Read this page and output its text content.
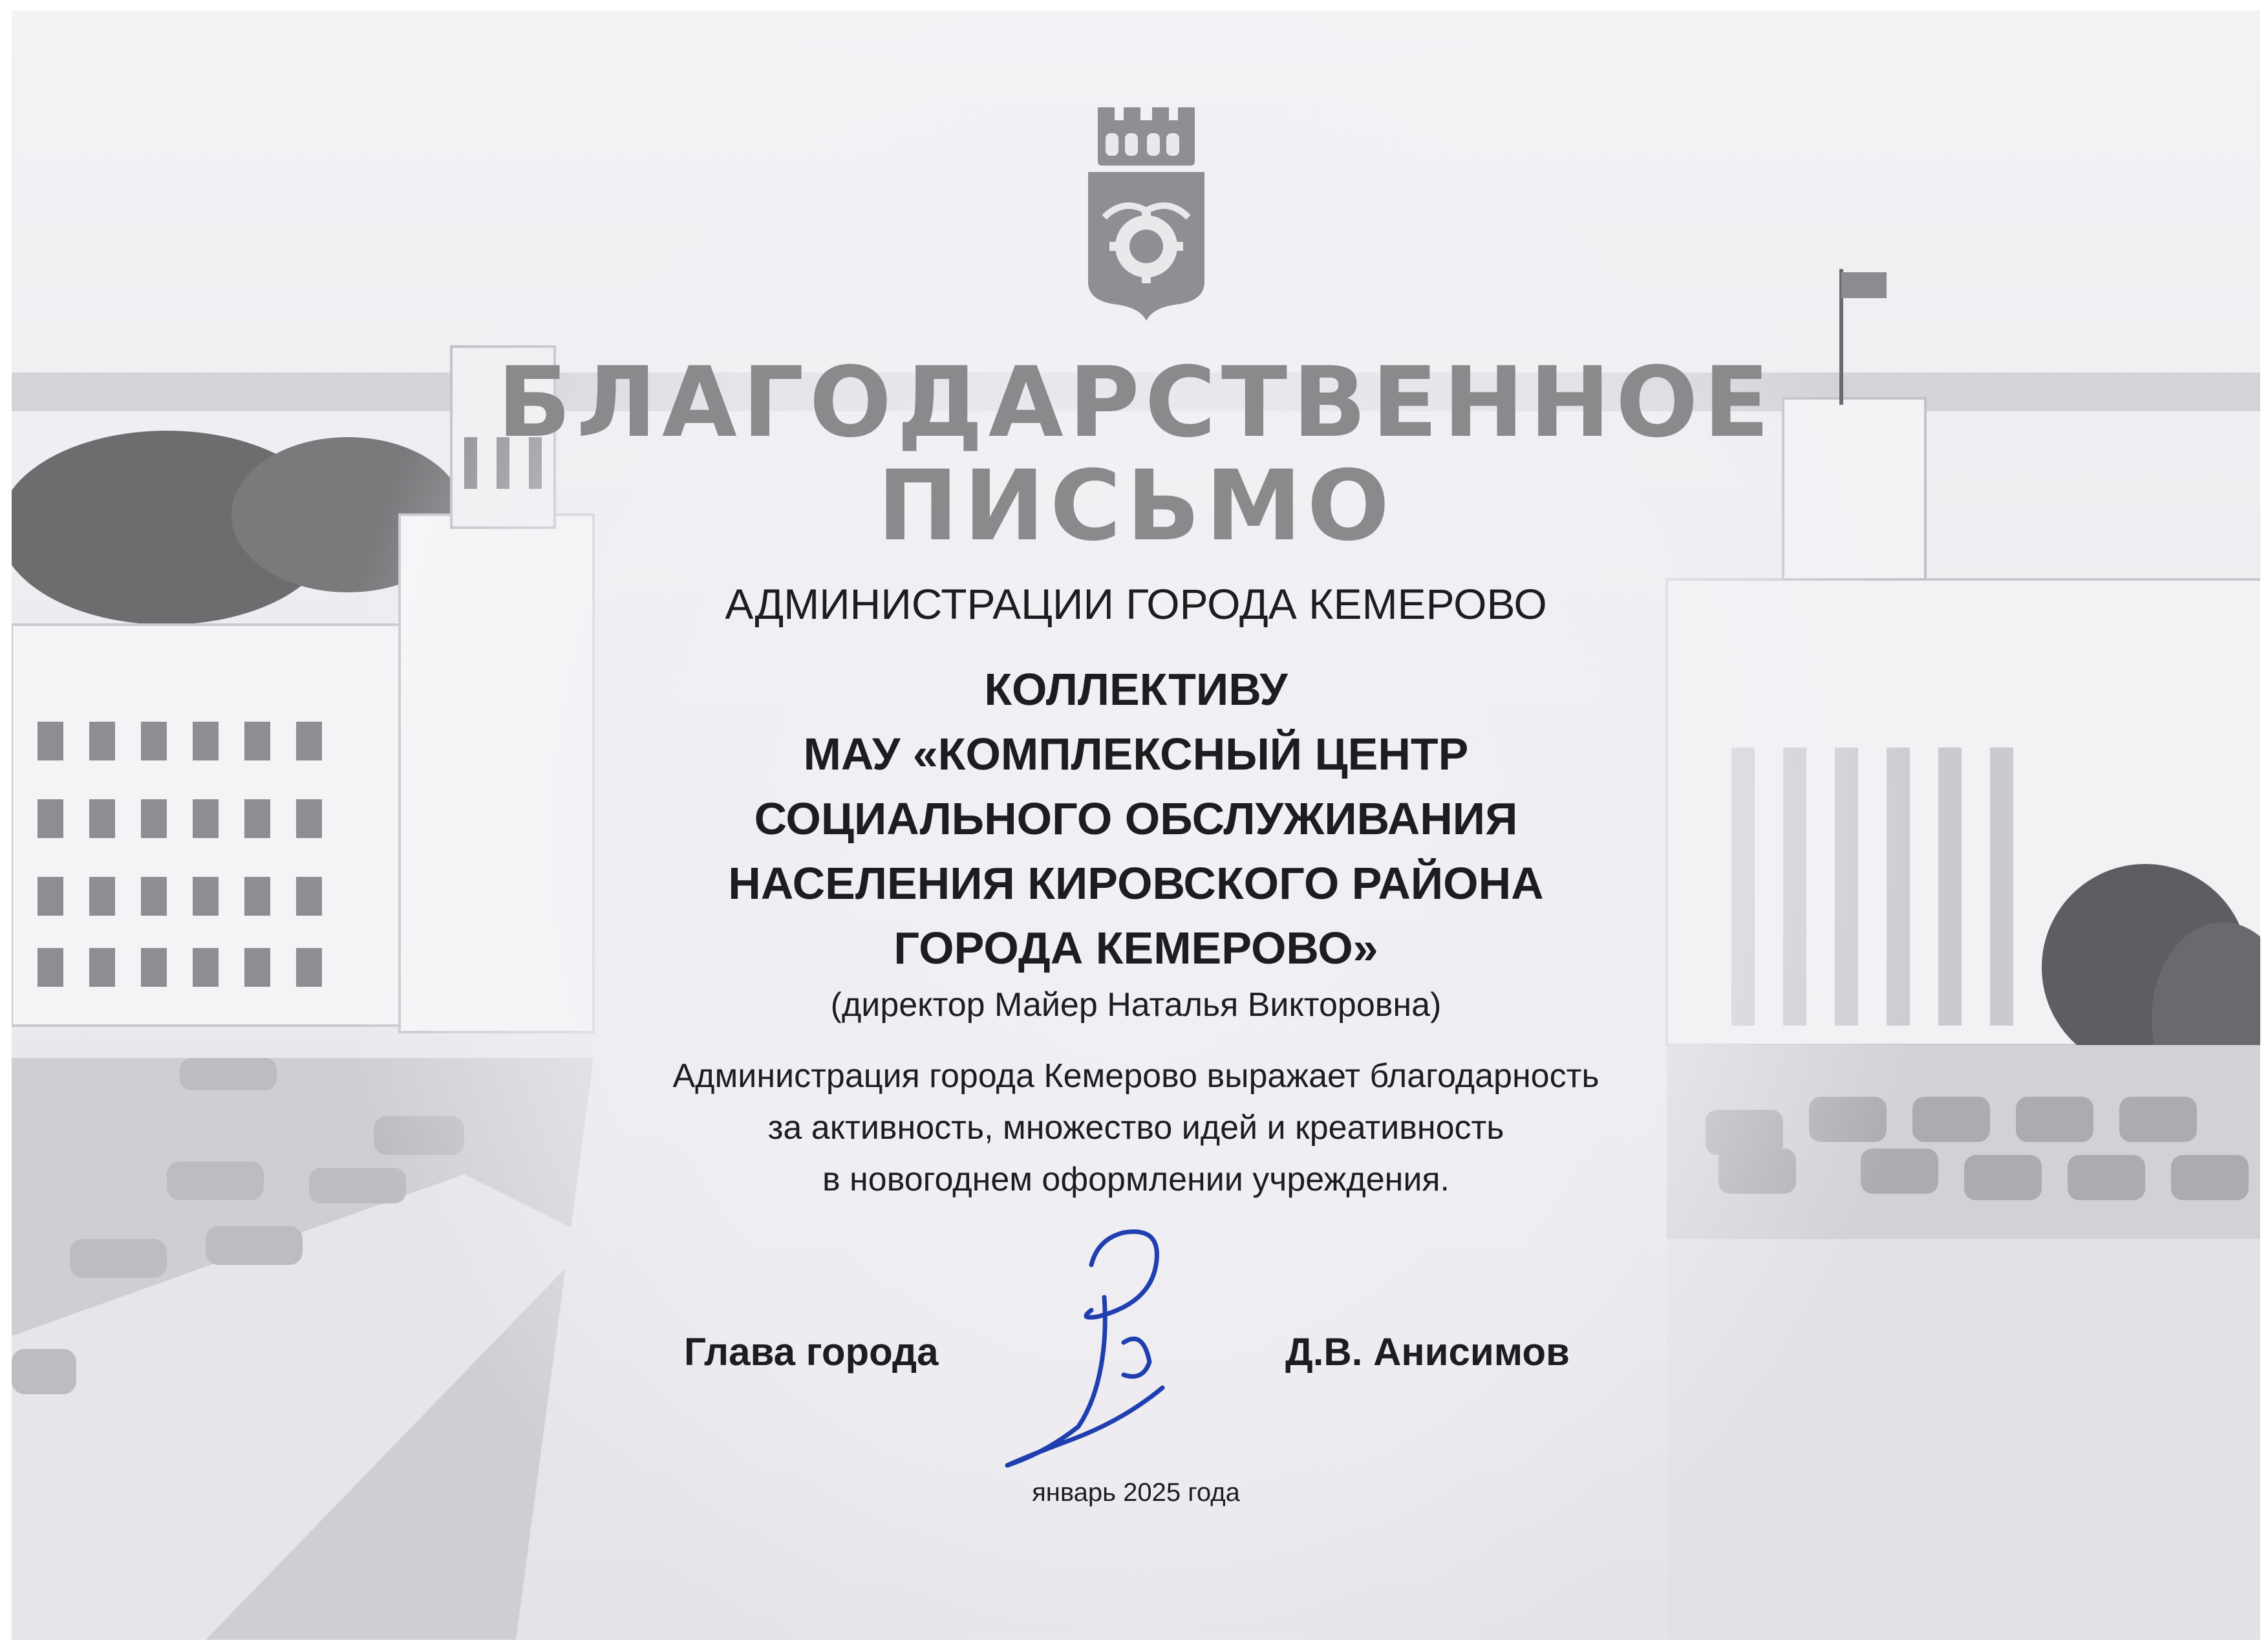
БЛАГОДАРСТВЕННОЕ
ПИСЬМО

АДМИНИСТРАЦИИ ГОРОДА КЕМЕРОВО

КОЛЛЕКТИВУ

МАУ «КОМПЛЕКСНЫЙ ЦЕНТР

СОЦИАЛЬНОГО ОБСЛУЖИВАНИЯ

НАСЕЛЕНИЯ КИРОВСКОГО РАЙОНА

ГОРОДА КЕМЕРОВО»

(директор Майер Наталья Викторовна)

Администрация города Кемерово выражает благодарность

за активность, множество идей и креативность

в новогоднем оформлении учреждения.

Глава города	Д.В. Анисимов

январь 2025 года
